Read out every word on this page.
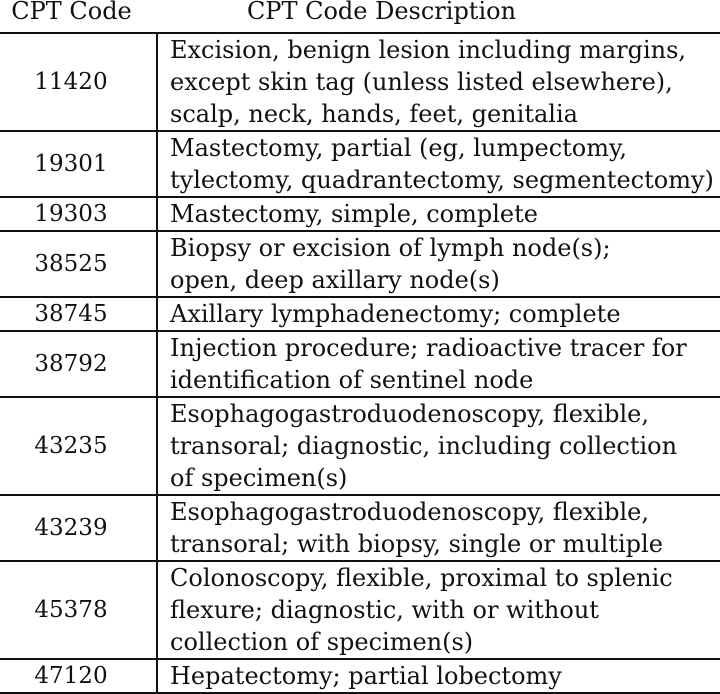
CPT Code	CPT Code Description
11420	Excision, benign lesion including margins,
except skin tag (unless listed elsewhere),
scalp, neck, hands, feet, genitalia
19301	Mastectomy, partial (eg, lumpectomy,
tylectomy, quadrantectomy, segmentectomy)
19303	Mastectomy, simple, complete
38525	Biopsy or excision of lymph node(s);
open, deep axillary node(s)
38745	Axillary lymphadenectomy; complete
38792	Injection procedure; radioactive tracer for
identification of sentinel node
43235	Esophagogastroduodenoscopy, flexible,
transoral; diagnostic, including collection
of specimen(s)
43239	Esophagogastroduodenoscopy, flexible,
transoral; with biopsy, single or multiple
45378	Colonoscopy, flexible, proximal to splenic
flexure; diagnostic, with or without
collection of specimen(s)
47120	Hepatectomy; partial lobectomy
